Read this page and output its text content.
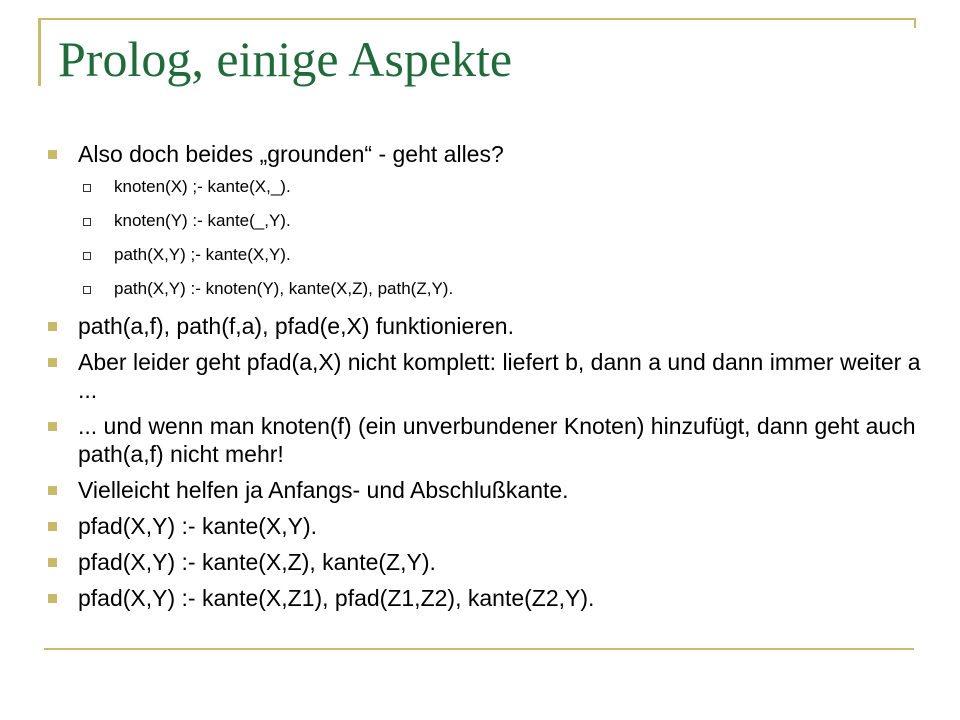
Prolog, einige Aspekte
Also doch beides „grounden“ - geht alles?
knoten(X) ;- kante(X,_).
knoten(Y) :- kante(_,Y).
path(X,Y) ;- kante(X,Y).
path(X,Y) :- knoten(Y), kante(X,Z), path(Z,Y).
path(a,f), path(f,a), pfad(e,X) funktionieren.
Aber leider geht pfad(a,X) nicht komplett: liefert b, dann a und dann immer weiter a ...
... und wenn man knoten(f) (ein unverbundener Knoten) hinzufügt, dann geht auch path(a,f) nicht mehr!
Vielleicht helfen ja Anfangs- und Abschlußkante.
pfad(X,Y) :- kante(X,Y).
pfad(X,Y) :- kante(X,Z), kante(Z,Y).
pfad(X,Y) :- kante(X,Z1), pfad(Z1,Z2), kante(Z2,Y).
